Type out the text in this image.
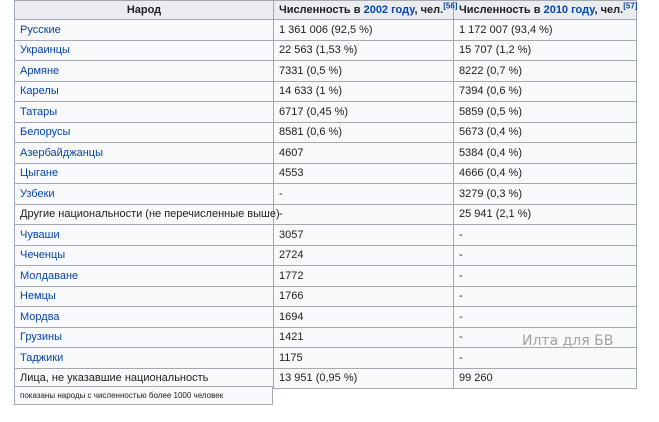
Народ	Численность в 2002 году, чел.[56]	Численность в 2010 году, чел.[57]
Русские	1 361 006 (92,5 %)	1 172 007 (93,4 %)
Украинцы	22 563 (1,53 %)	15 707 (1,2 %)
Армяне	7331 (0,5 %)	8222 (0,7 %)
Карелы	14 633 (1 %)	7394 (0,6 %)
Татары	6717 (0,45 %)	5859 (0,5 %)
Белорусы	8581 (0,6 %)	5673 (0,4 %)
Азербайджанцы	4607	5384 (0,4 %)
Цыгане	4553	4666 (0,4 %)
Узбеки	-	3279 (0,3 %)
Другие национальности (не перечисленные выше)	-	25 941 (2,1 %)
Чуваши	3057	-
Чеченцы	2724	-
Молдаване	1772	-
Немцы	1766	-
Мордва	1694	-
Грузины	1421	-
Таджики	1175	-
Лица, не указавшие национальность	13 951 (0,95 %)	99 260
показаны народы с численностью более 1000 человек
Илта для БВ
